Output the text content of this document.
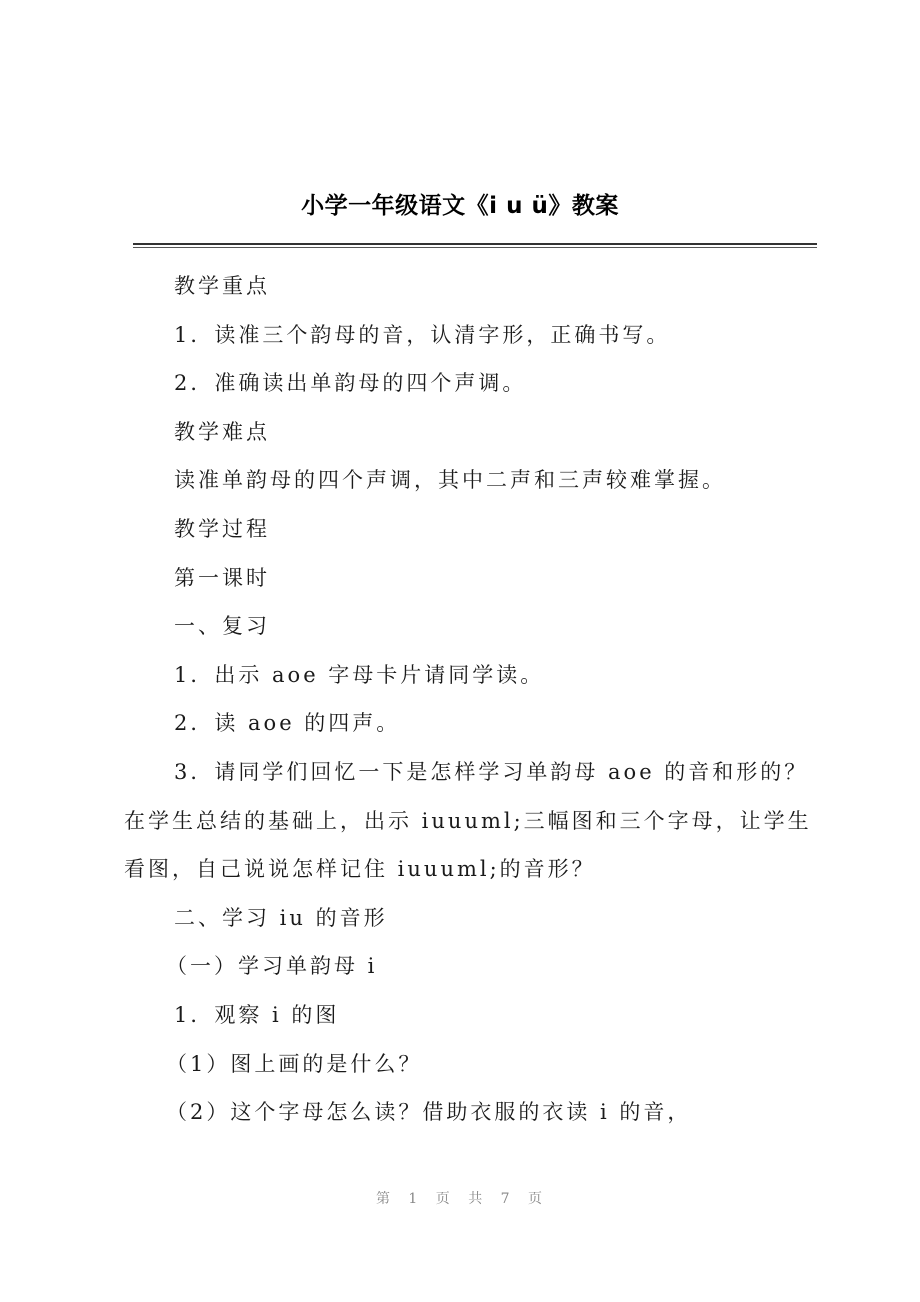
小学一年级语文《i u ü》教案
教学重点
1．读准三个韵母的音，认清字形，正确书写。
2．准确读出单韵母的四个声调。
教学难点
读准单韵母的四个声调，其中二声和三声较难掌握。
教学过程
第一课时
一、复习
1．出示 aoe 字母卡片请同学读。
2．读 aoe 的四声。
3．请同学们回忆一下是怎样学习单韵母 aoe 的音和形的？
在学生总结的基础上，出示 iuuuml;三幅图和三个字母，让学生
看图，自己说说怎样记住 iuuuml;的音形？
二、学习 iu 的音形
（一）学习单韵母 i
1．观察 i 的图
（1）图上画的是什么？
（2）这个字母怎么读？借助衣服的衣读 i 的音，
第 1 页 共 7 页
